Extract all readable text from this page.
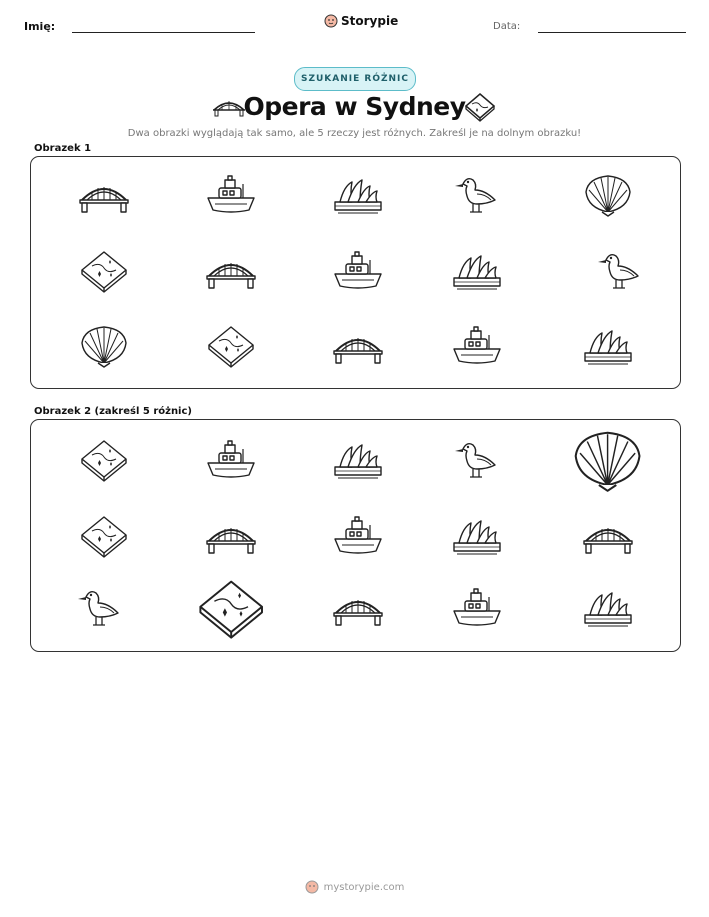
Imię:	Storypie	Data:
SZUKANIE RÓŻNIC
Opera w Sydney
Dwa obrazki wyglądają tak samo, ale 5 rzeczy jest różnych. Zakreśl je na dolnym obrazku!
Obrazek 1
Obrazek 2 (zakreśl 5 różnic)
mystorypie.com
